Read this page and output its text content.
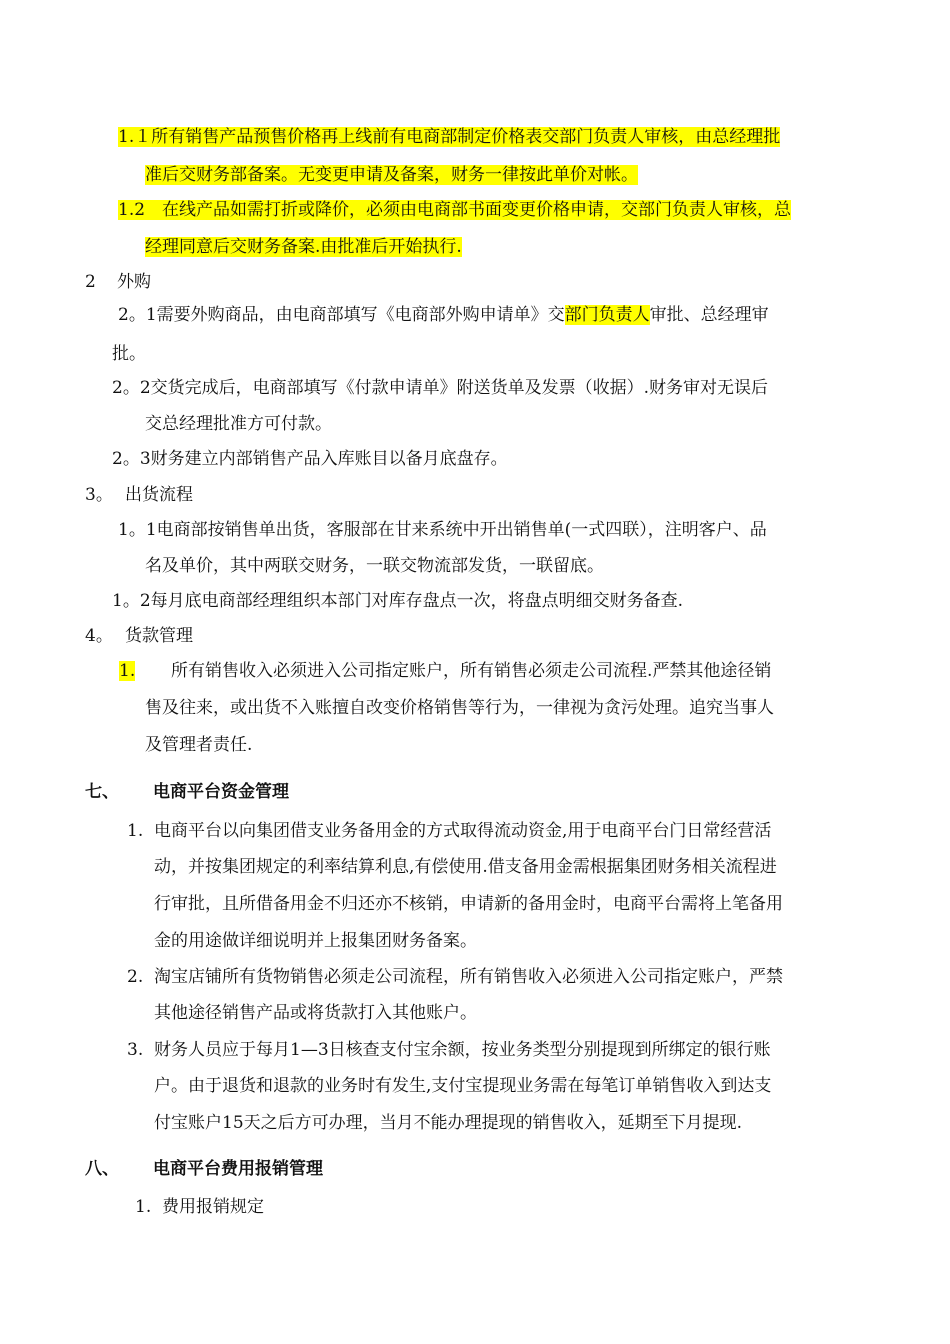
1.１所有销售产品预售价格再上线前有电商部制定价格表交部门负责人审核，由总经理批
准后交财务部备案。无变更申请及备案，财务一律按此单价对帐。
1.2　在线产品如需打折或降价，必须由电商部书面变更价格申请，交部门负责人审核，总
经理同意后交财务备案.由批准后开始执行.
2 外购
2。1需要外购商品，由电商部填写《电商部外购申请单》交部门负责人审批、总经理审
批。
2。2交货完成后，电商部填写《付款申请单》附送货单及发票（收据）.财务审对无误后
交总经理批准方可付款。
2。3财务建立内部销售产品入库账目以备月底盘存。
3。 出货流程
1。1电商部按销售单出货，客服部在甘来系统中开出销售单(一式四联），注明客户、品
名及单价，其中两联交财务，一联交物流部发货，一联留底。
1。2每月底电商部经理组织本部门对库存盘点一次，将盘点明细交财务备查.
4。 货款管理
1. 所有销售收入必须进入公司指定账户，所有销售必须走公司流程.严禁其他途径销
售及往来，或出货不入账擅自改变价格销售等行为，一律视为贪污处理。追究当事人
及管理者责任.
七、 电商平台资金管理
1. 电商平台以向集团借支业务备用金的方式取得流动资金,用于电商平台门日常经营活
动，并按集团规定的利率结算利息,有偿使用.借支备用金需根据集团财务相关流程进
行审批，且所借备用金不归还亦不核销，申请新的备用金时，电商平台需将上笔备用
金的用途做详细说明并上报集团财务备案。
2. 淘宝店铺所有货物销售必须走公司流程，所有销售收入必须进入公司指定账户，严禁
其他途径销售产品或将货款打入其他账户。
3. 财务人员应于每月1—3日核查支付宝余额，按业务类型分别提现到所绑定的银行账
户。由于退货和退款的业务时有发生,支付宝提现业务需在每笔订单销售收入到达支
付宝账户15天之后方可办理，当月不能办理提现的销售收入，延期至下月提现.
八、 电商平台费用报销管理
1. 费用报销规定
